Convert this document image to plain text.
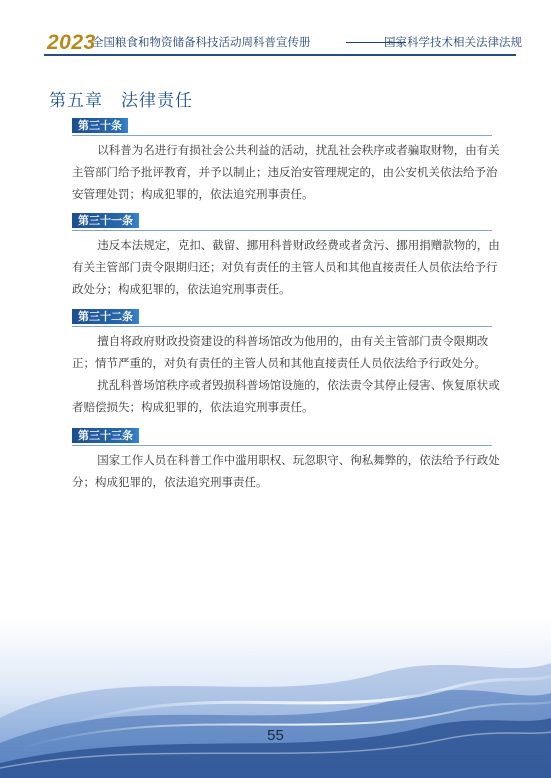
2023
全国粮食和物资储备科技活动周科普宣传册	国家科学技术相关法律法规
第五章　法律责任
第三十条
以科普为名进行有损社会公共利益的活动，扰乱社会秩序或者骗取财物，由有关主管部门给予批评教育，并予以制止；违反治安管理规定的，由公安机关依法给予治安管理处罚；构成犯罪的，依法追究刑事责任。
第三十一条
违反本法规定，克扣、截留、挪用科普财政经费或者贪污、挪用捐赠款物的，由有关主管部门责令限期归还；对负有责任的主管人员和其他直接责任人员依法给予行政处分；构成犯罪的，依法追究刑事责任。
第三十二条
擅自将政府财政投资建设的科普场馆改为他用的，由有关主管部门责令限期改正；情节严重的，对负有责任的主管人员和其他直接责任人员依法给予行政处分。
扰乱科普场馆秩序或者毁损科普场馆设施的，依法责令其停止侵害、恢复原状或者赔偿损失；构成犯罪的，依法追究刑事责任。
第三十三条
国家工作人员在科普工作中滥用职权、玩忽职守、徇私舞弊的，依法给予行政处分；构成犯罪的，依法追究刑事责任。
55
